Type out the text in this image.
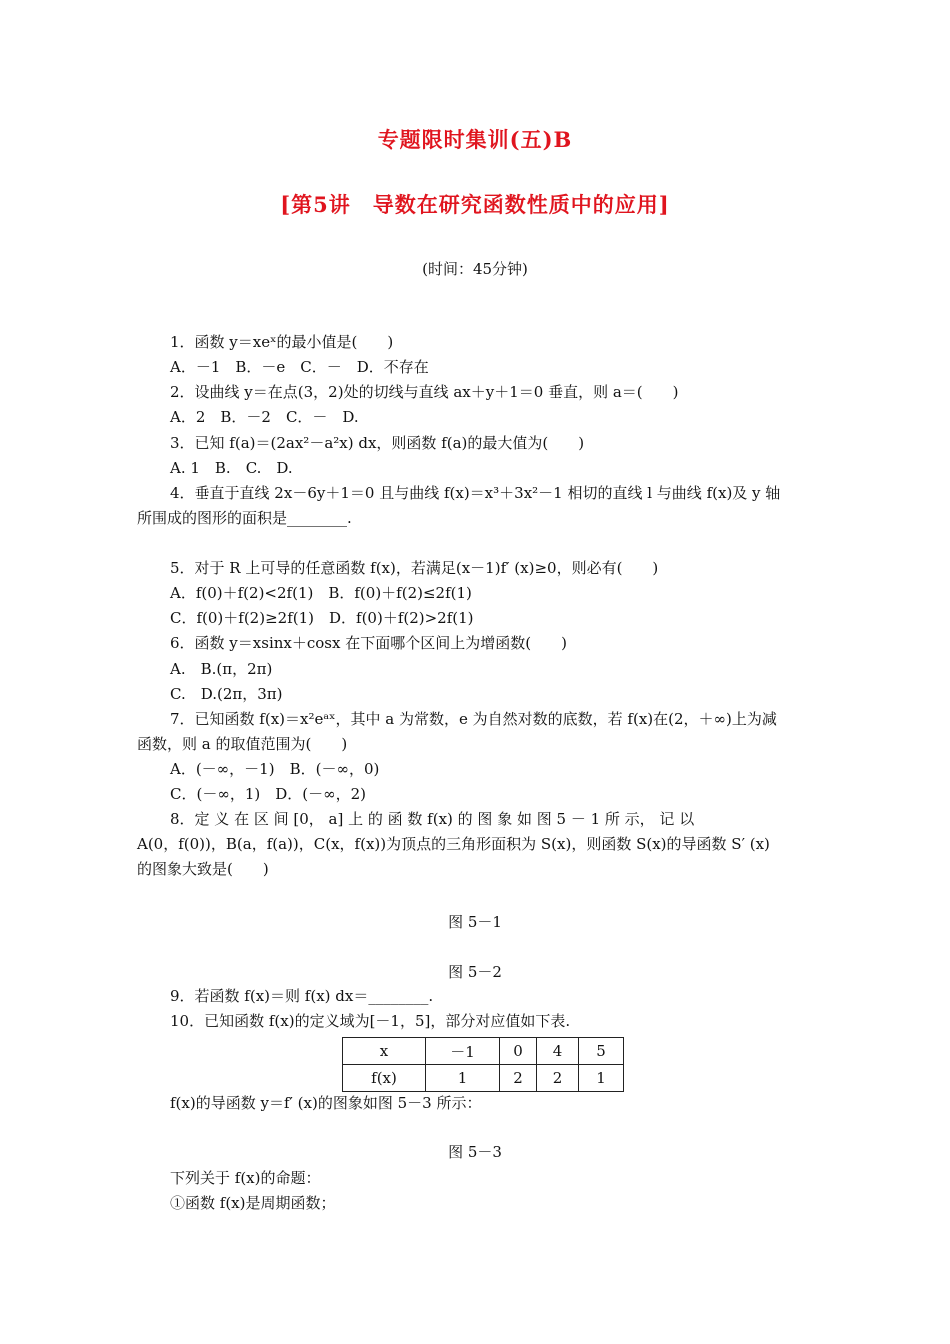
专题限时集训(五)B
[第5讲　导数在研究函数性质中的应用]
(时间：45分钟)
1．函数 y＝xeˣ的最小值是(　　)
A．－1　B．－e　C．－　D．不存在
2．设曲线 y＝在点(3，2)处的切线与直线 ax＋y＋1＝0 垂直，则 a＝(　　)
A．2　B．－2　C．－　D.
3．已知 f(a)＝(2ax²－a²x) dx，则函数 f(a)的最大值为(　　)
A. 1　B.　C.　D.
4．垂直于直线 2x－6y＋1＝0 且与曲线 f(x)＝x³＋3x²－1 相切的直线 l 与曲线 f(x)及 y 轴
所围成的图形的面积是________.
5．对于 R 上可导的任意函数 f(x)，若满足(x－1)f′ (x)≥0，则必有(　　)
A．f(0)＋f(2)<2f(1)　B．f(0)＋f(2)≤2f(1)
C．f(0)＋f(2)≥2f(1)　D．f(0)＋f(2)>2f(1)
6．函数 y＝xsinx＋cosx 在下面哪个区间上为增函数(　　)
A.　B.(π，2π)
C.　D.(2π，3π)
7．已知函数 f(x)＝x²eᵃˣ，其中 a 为常数，e 为自然对数的底数，若 f(x)在(2，＋∞)上为减
函数，则 a 的取值范围为(　　)
A．(－∞，－1)　B．(－∞，0)
C．(－∞，1)　D．(－∞，2)
8．定 义 在 区 间 [0， a] 上 的 函 数 f(x) 的 图 象 如 图 5 － 1 所 示， 记 以
A(0，f(0))，B(a，f(a))，C(x，f(x))为顶点的三角形面积为 S(x)，则函数 S(x)的导函数 S′ (x)
的图象大致是(　　)
9．若函数 f(x)＝则 f(x) dx＝________.
10．已知函数 f(x)的定义域为[－1，5]，部分对应值如下表.
f(x)的导函数 y＝f′ (x)的图象如图 5－3 所示：
下列关于 f(x)的命题：
①函数 f(x)是周期函数；
图 5－1
图 5－2
图 5－3
x	－1	0	4	5
f(x)	1	2	2	1
